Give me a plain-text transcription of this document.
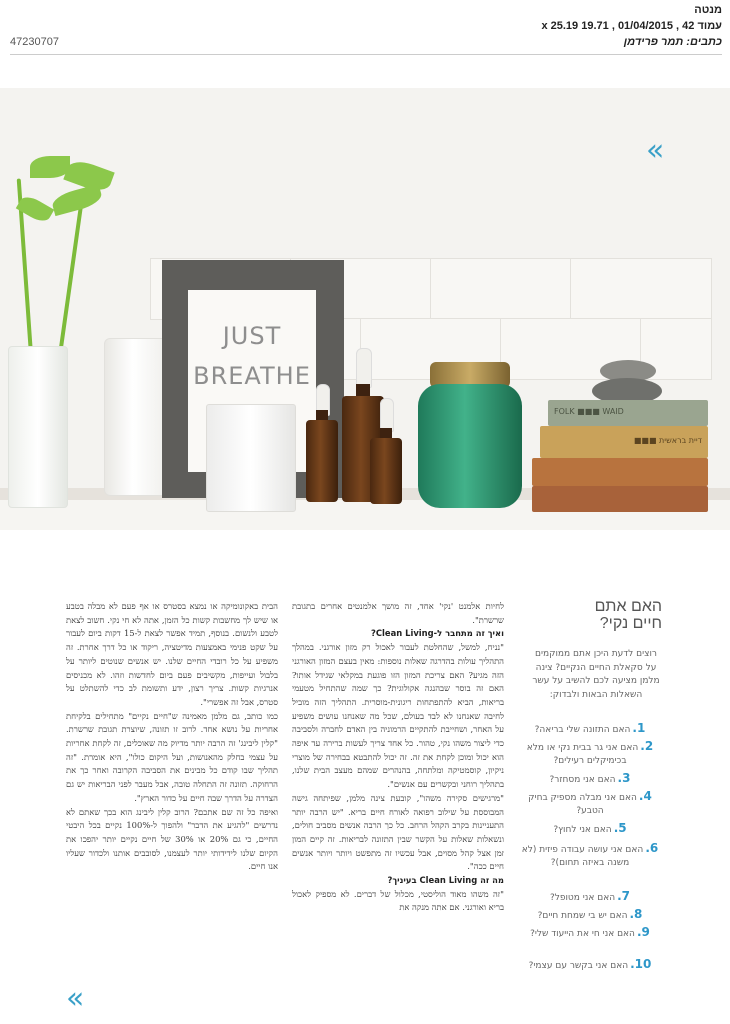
מנטה
עמוד 42 , 01/04/2015 , 19.71 x 25.19
כתבים: תמר פרידמן
47230707
JUST
BREATHE
FOLK ■■■ WAID
דיית בראשית ■■■
«
«
האם אתם
חיים נקי?
רוצים לדעת היכן אתם ממוקמים על סקאלת החיים הנקיים? צינה מלמן מציעה לכם להשיב על עשר השאלות הבאות ולבדוק:
1.האם התזונה שלי בריאה?
2.האם אני גר בבית נקי או מלא בכימיקלים רעילים?
3.האם אני מסחזר?
4.האם אני מבלה מספיק בחיק הטבע?
5.האם אני לחוץ?
6.האם אני עושה עבודה פיזית (לא משנה באיזה תחום)?
7.האם אני מטופל?
8.האם יש בי שמחת חיים?
9.האם אני חי את הייעוד שלי?
10.האם אני בקשר עם עצמי?

לחיות אלמנט 'נקי' אחד, זה מושך אלמנטים אחרים בתגובת שרשרת".

ואיך זה מתחבר ל-Clean Living?

"נניח, למשל, שהחלטת לעבור לאכול רק מזון אורגני. במהלך התהליך עולות בהדרגה שאלות נוספות: מאין בעצם המזון האורגני הזה מגיע? האם צריכת המזון הזו פוגעת במקלאי שגידל אותו? האם זה בוסר שבהנגה אקולוגית? כך שמה שהתחיל מטעמי בריאות, הביא להתפתחות ריגונית-מוסרית. התהליך הזה מוביל לחיבה שאנחנו לא לבד בעולם, שכל מה שאנחנו עושים משפיע על האחר, ושחייבת להתקיים הרמוניה בין האדם לחברה ולסביבה כדי ליצור משהו נקי, טהור. כל אחד צריך לעשות ברירה עד איפה הוא יכול ומוכן לקחת את זה. זה יכול להתבטא בבחירה של מוצרי ניקיון, קוסמטיקה ומלתחה, בהנהרים שמהם מעצב הבית שלנו, בתהליך רוחני ובקשרים עם אנשים".

"מרגישים סקירה משהו", קובעת צינה מלמן, שפיתחה גישה המבוססת על שילוב רפואה לאורח חיים בריא. "יש הרבה יותר התעניינות בקרב הקהל הרחב. כל כך הרבה אנשים מסביב חולים, ונשאלות שאלות על הקשר שבין התזונה לבריאות. זה קיים המון זמן אצל קהל מסוים, אבל עכשיו זה מתפשט ויותר ויותר אנשים חיים ככה".

מה זה Clean Living בעיניך?

"זה משהו מאוד הוליסטי, מכלול של דברים. לא מספיק לאכול בריא ואורגני. אם אתה מנקה את

הבית באקונומיקה או נמצא בסטרס או אף פעם לא מבלה בטבע או שיש לך מחשבות קשות כל הזמן, אתה לא חי נקי. חשוב לצאת לטבע ולנשום. בנוסף, תמיד אפשר לצאת ל-15 דקות ביום לעבור על שקט פנימי באמצעות מדיטציה, ריקוד או כל דרך אחרת. זה משפיע על כל רובדי החיים שלנו. יש אנשים שנוטים ליותר על בלבול ועייפות, מקשיבים פעם ביום לחדשות וזהו. לא מכניסים אנרגיות קשות. צריך רצון, ידע ותשומת לב כדי להשתלט על סטרס, אבל זה אפשרי".

כמו כותב, גם מלמן מאמינה ש"חיים נקיים" מתחילים בלקיחת אחריות על נושא אחד. לרוב זו תזונה, שיוצרת תגובת שרשרת. "קלין ליבינג' זה הרבה יותר מדיוק מה שאוכלים, זה לקחת אחריות על עצמי בחלק מהאנושות, ועל היקום כולו", היא אומרת. "זה תהליך שבו קודם כל מבינים את הסביבה הקרובה ואחר כך את הרחוקה. תזונה זה התחלה טובה, אבל מעבר לפני הבריאות יש גם הצדרה על הדרך שבה חיים על כדור הארץ".

ואיפה כל זה שם אתכם? הרוב קלין ליבינג הוא בכך שאתם לא נדרשים "להגיע את הדבר" ולהפוך ל-100% נקיים בכל היבטי החיים, כי גם 20% או 30% של חיים נקיים יותר יהפכו את הקיום שלנו לידידותי יותר לעצמנו, לסובבים אותנו ולכדור שעליו אנו חיים.
